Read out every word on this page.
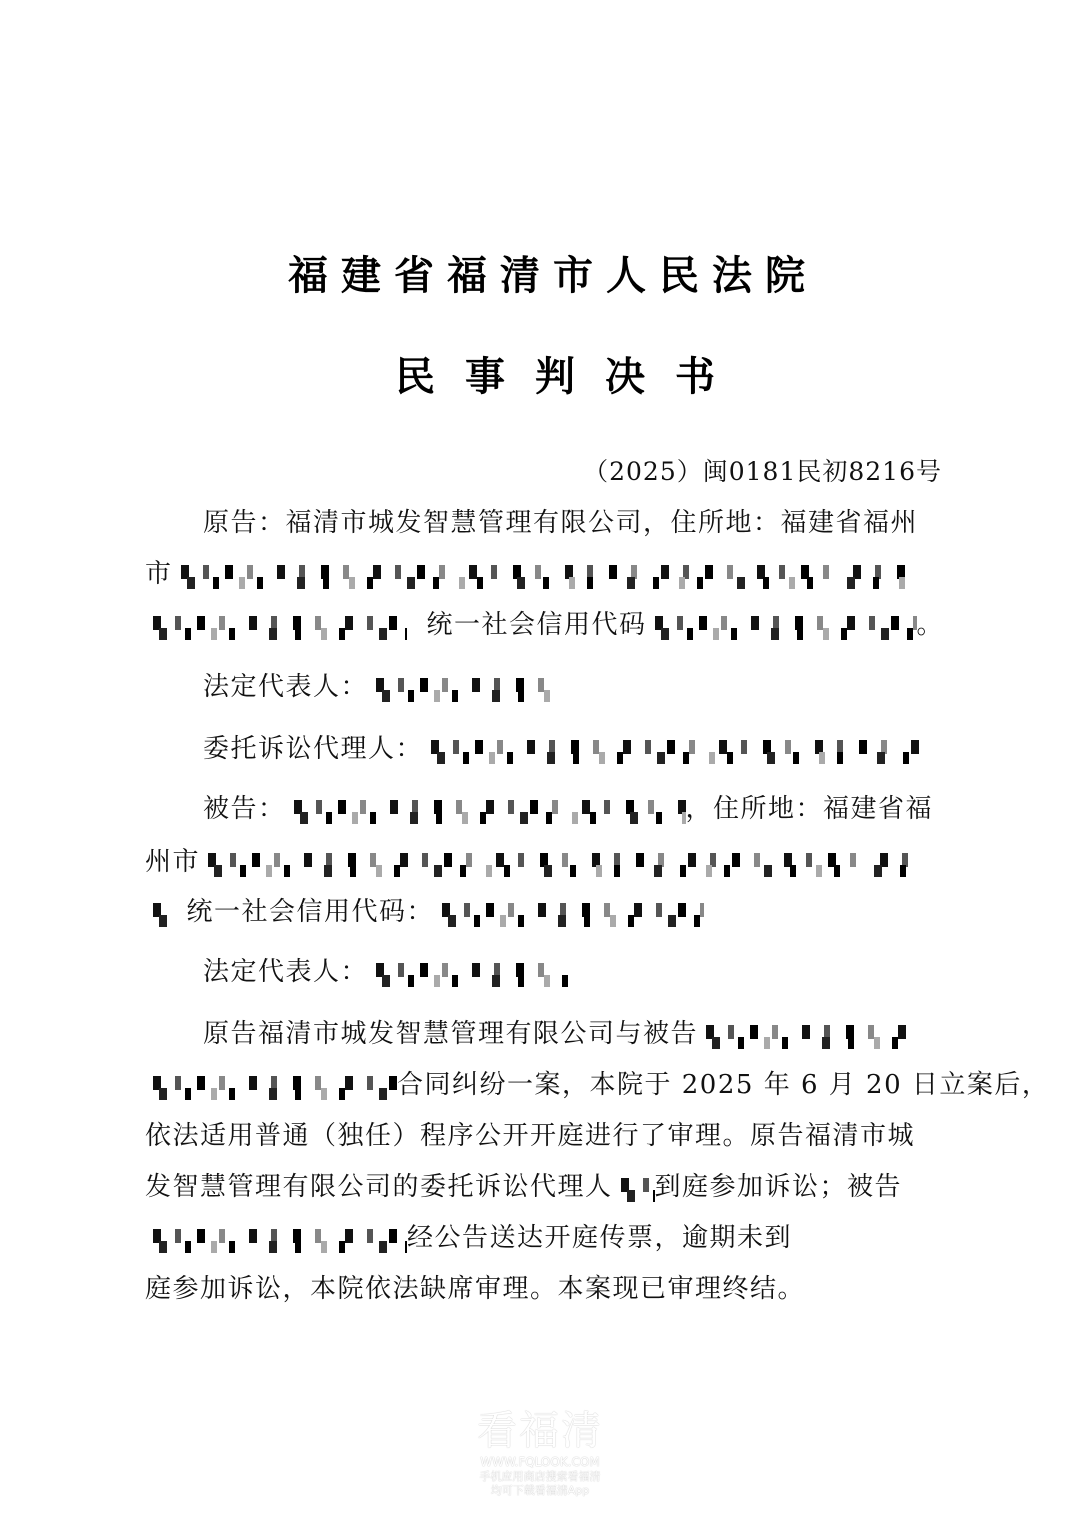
福建省福清市人民法院
民事判决书
（2025）闽0181民初8216号
原告：福清市城发智慧管理有限公司，住所地：福建省福州
市
统一社会信用代码	。
法定代表人：
委托诉讼代理人：
被告：	，住所地：福建省福
州市
统一社会信用代码：
法定代表人：
原告福清市城发智慧管理有限公司与被告
合同纠纷一案，本院于 2025 年 6 月 20 日立案后，
依法适用普通（独任）程序公开开庭进行了审理。原告福清市城
发智慧管理有限公司的委托诉讼代理人 到庭参加诉讼；被告
经公告送达开庭传票，逾期未到
庭参加诉讼，本院依法缺席审理。本案现已审理终结。
看福清
WWW.FQLOOK.COM
手机应用商店搜索看福清
均可下载看福清App
